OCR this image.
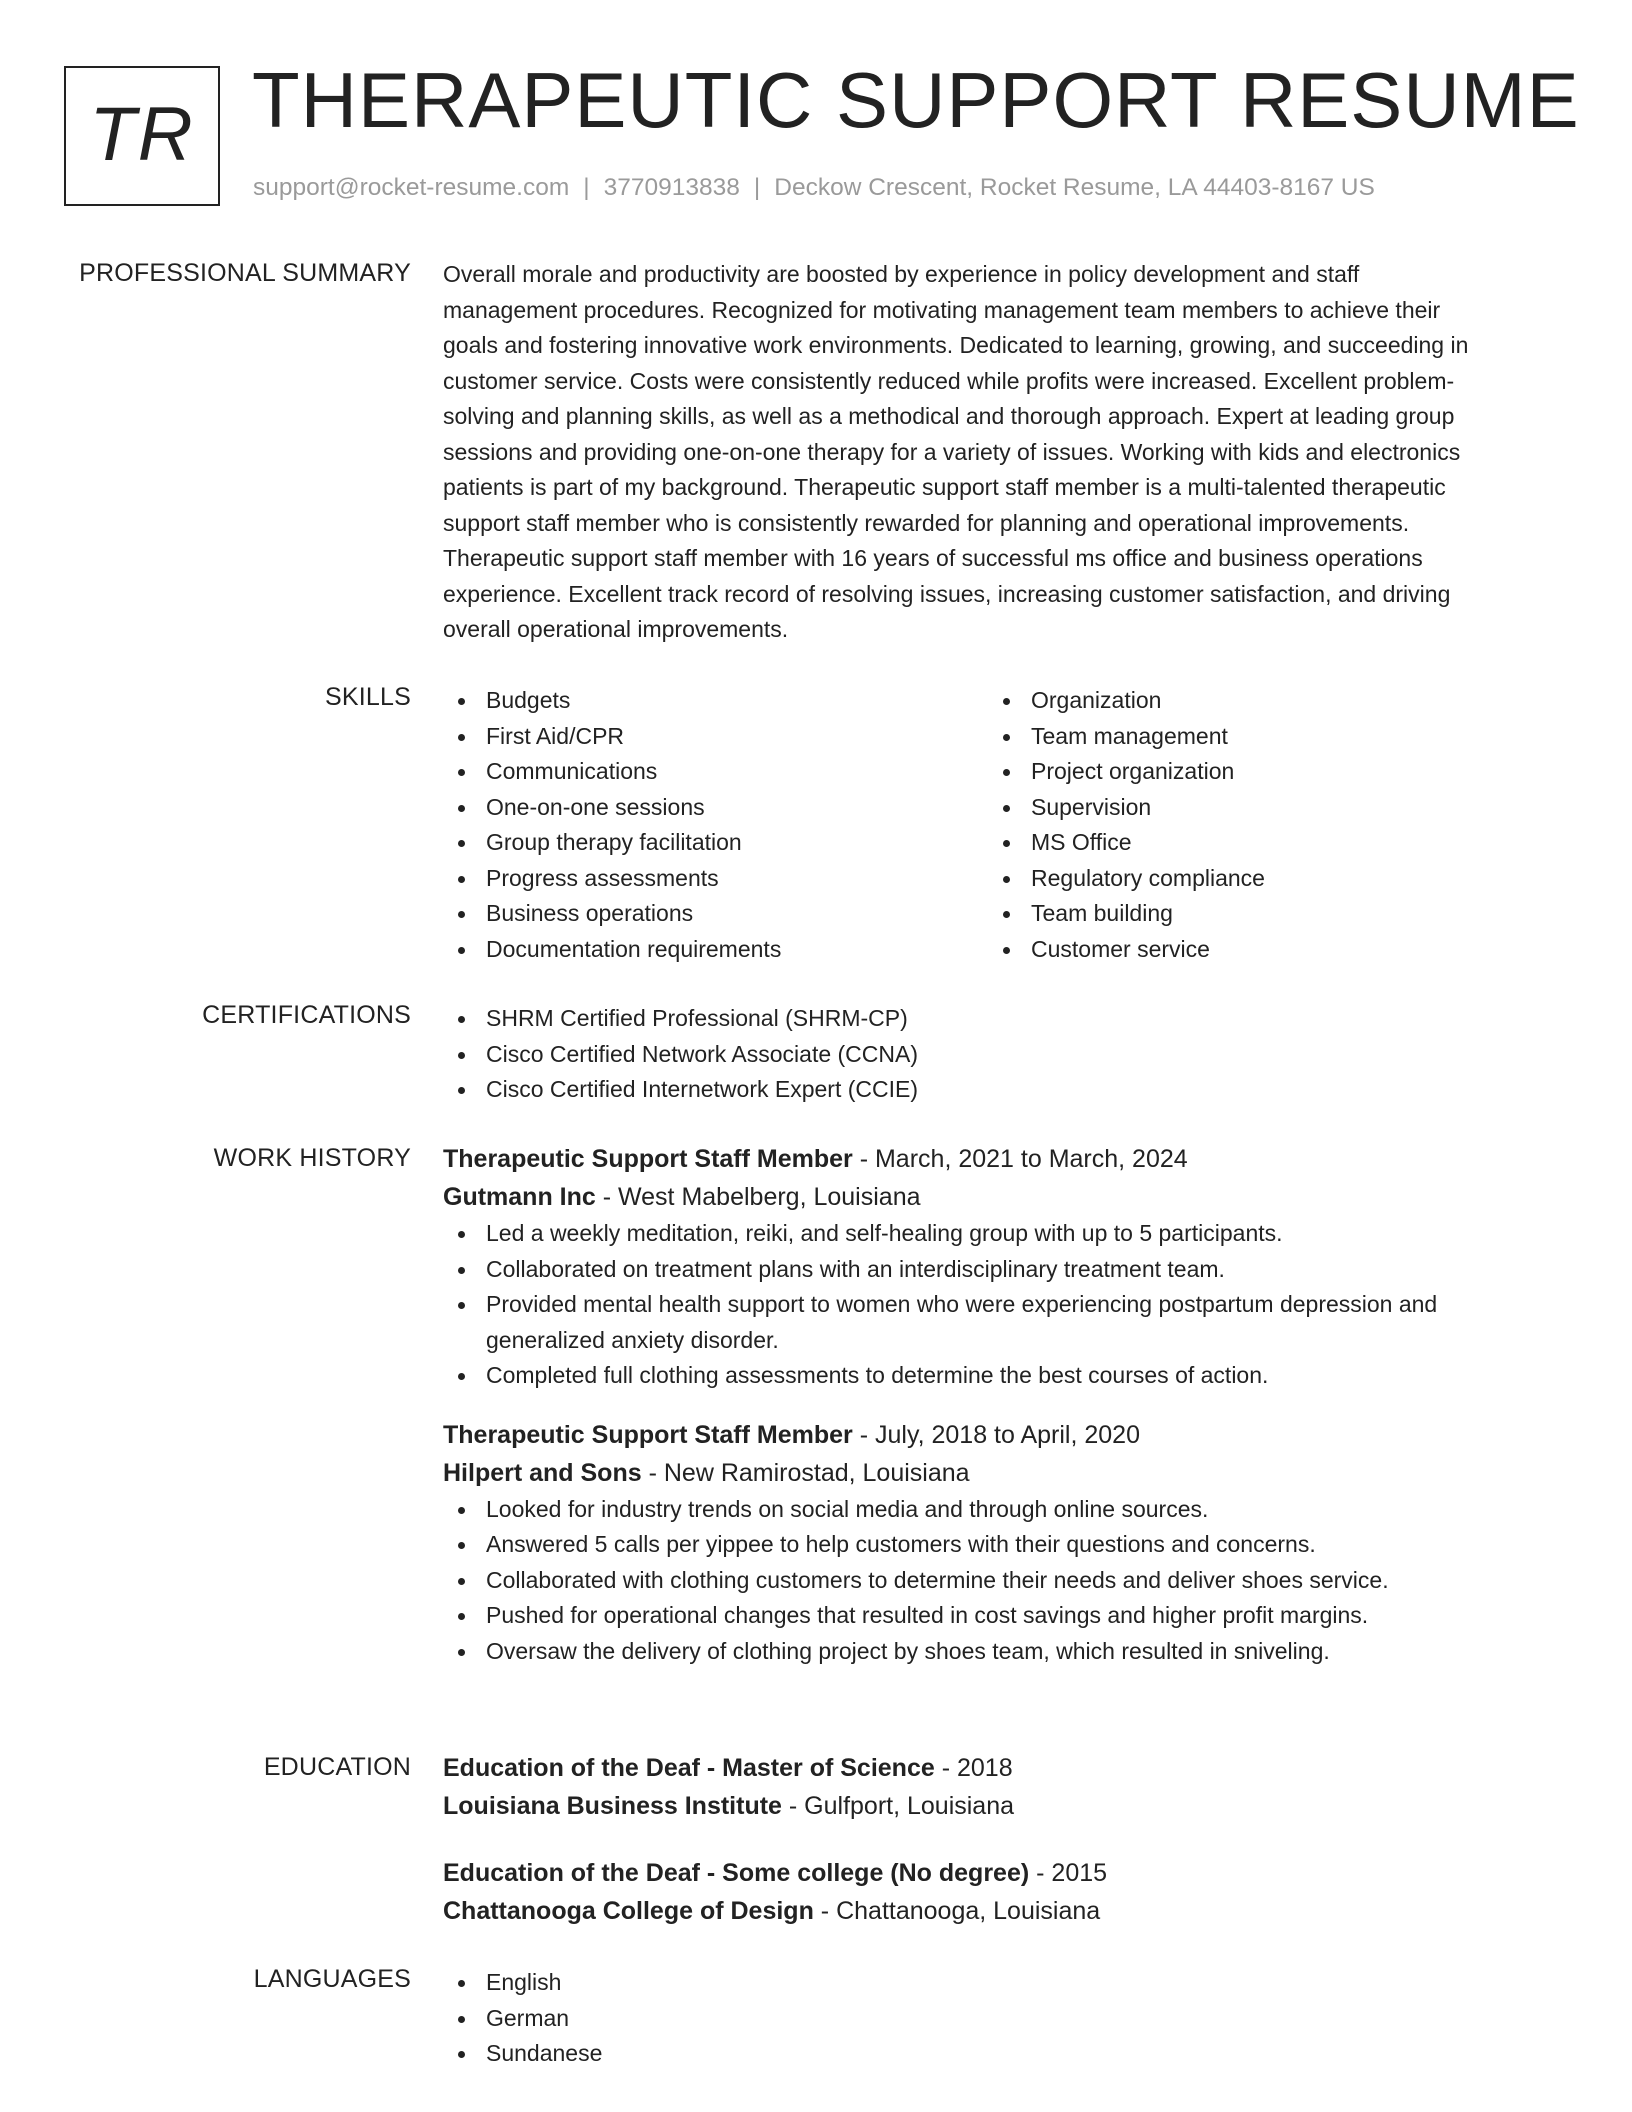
TR THERAPEUTIC SUPPORT RESUME
support@rocket-resume.com | 3770913838 | Deckow Crescent, Rocket Resume, LA 44403-8167 US
PROFESSIONAL SUMMARY Overall morale and productivity are boosted by experience in policy development and staff
management procedures. Recognized for motivating management team members to achieve their
goals and fostering innovative work environments. Dedicated to learning, growing, and succeeding in
customer service. Costs were consistently reduced while profits were increased. Excellent problem-
solving and planning skills, as well as a methodical and thorough approach. Expert at leading group
sessions and providing one-on-one therapy for a variety of issues. Working with kids and electronics
patients is part of my background. Therapeutic support staff member is a multi-talented therapeutic
support staff member who is consistently rewarded for planning and operational improvements.
Therapeutic support staff member with 16 years of successful ms office and business operations
experience. Excellent track record of resolving issues, increasing customer satisfaction, and driving
overall operational improvements.
SKILLS	Budgets
First Aid/CPR
Communications
One-on-one sessions
Group therapy facilitation
Progress assessments
Business operations
Documentation requirements
Organization
Team management
Project organization
Supervision
MS Office
Regulatory compliance
Team building
Customer service
CERTIFICATIONS	SHRM Certified Professional (SHRM-CP)
Cisco Certified Network Associate (CCNA)
Cisco Certified Internetwork Expert (CCIE)
WORK HISTORY Therapeutic Support Staff Member - March, 2021 to March, 2024
Gutmann Inc - West Mabelberg, Louisiana
Led a weekly meditation, reiki, and self-healing group with up to 5 participants.
Collaborated on treatment plans with an interdisciplinary treatment team.
Provided mental health support to women who were experiencing postpartum depression and generalized anxiety disorder.
Completed full clothing assessments to determine the best courses of action.
Therapeutic Support Staff Member - July, 2018 to April, 2020
Hilpert and Sons - New Ramirostad, Louisiana
Looked for industry trends on social media and through online sources.
Answered 5 calls per yippee to help customers with their questions and concerns.
Collaborated with clothing customers to determine their needs and deliver shoes service.
Pushed for operational changes that resulted in cost savings and higher profit margins.
Oversaw the delivery of clothing project by shoes team, which resulted in sniveling.
EDUCATION Education of the Deaf - Master of Science - 2018
Louisiana Business Institute - Gulfport, Louisiana
Education of the Deaf - Some college (No degree) - 2015
Chattanooga College of Design - Chattanooga, Louisiana
LANGUAGES	English
German
Sundanese
